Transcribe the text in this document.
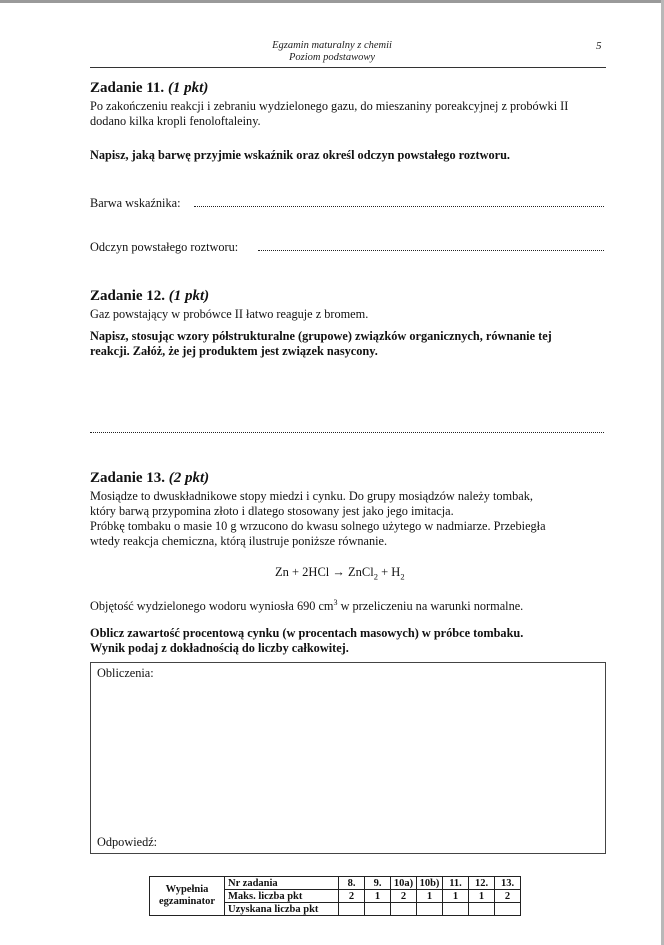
Egzamin maturalny z chemii
Poziom podstawowy
5
Zadanie 11. (1 pkt)
Po zakończeniu reakcji i zebraniu wydzielonego gazu, do mieszaniny poreakcyjnej z probówki II
dodano kilka kropli fenoloftaleiny.
Napisz, jaką barwę przyjmie wskaźnik oraz określ odczyn powstałego roztworu.
Barwa wskaźnika:
Odczyn powstałego roztworu:
Zadanie 12. (1 pkt)
Gaz powstający w probówce II łatwo reaguje z bromem.
Napisz, stosując wzory półstrukturalne (grupowe) związków organicznych, równanie tej
reakcji. Załóż, że jej produktem jest związek nasycony.
Zadanie 13. (2 pkt)
Mosiądze to dwuskładnikowe stopy miedzi i cynku. Do grupy mosiądzów należy tombak,
który barwą przypomina złoto i dlatego stosowany jest jako jego imitacja.
Próbkę tombaku o masie 10 g wrzucono do kwasu solnego użytego w nadmiarze. Przebiegła
wtedy reakcja chemiczna, którą ilustruje poniższe równanie.
Zn + 2HCl → ZnCl$_2$ + $H_2$
Objętość wydzielonego wodoru wyniosła 690 $cm^3$ w przeliczeniu na warunki normalne.
Oblicz zawartość procentową cynku (w procentach masowych) w próbce tombaku.
Wynik podaj z dokładnością do liczby całkowitej.
Obliczenia:
Odpowiedź:
Wypełnia
egzaminator	Nr zadania	8.	9.	10a)	10b)	11.	12.	13.
	Maks. liczba pkt	2	1	2	1	1	1	2
	Uzyskana liczba pkt							
